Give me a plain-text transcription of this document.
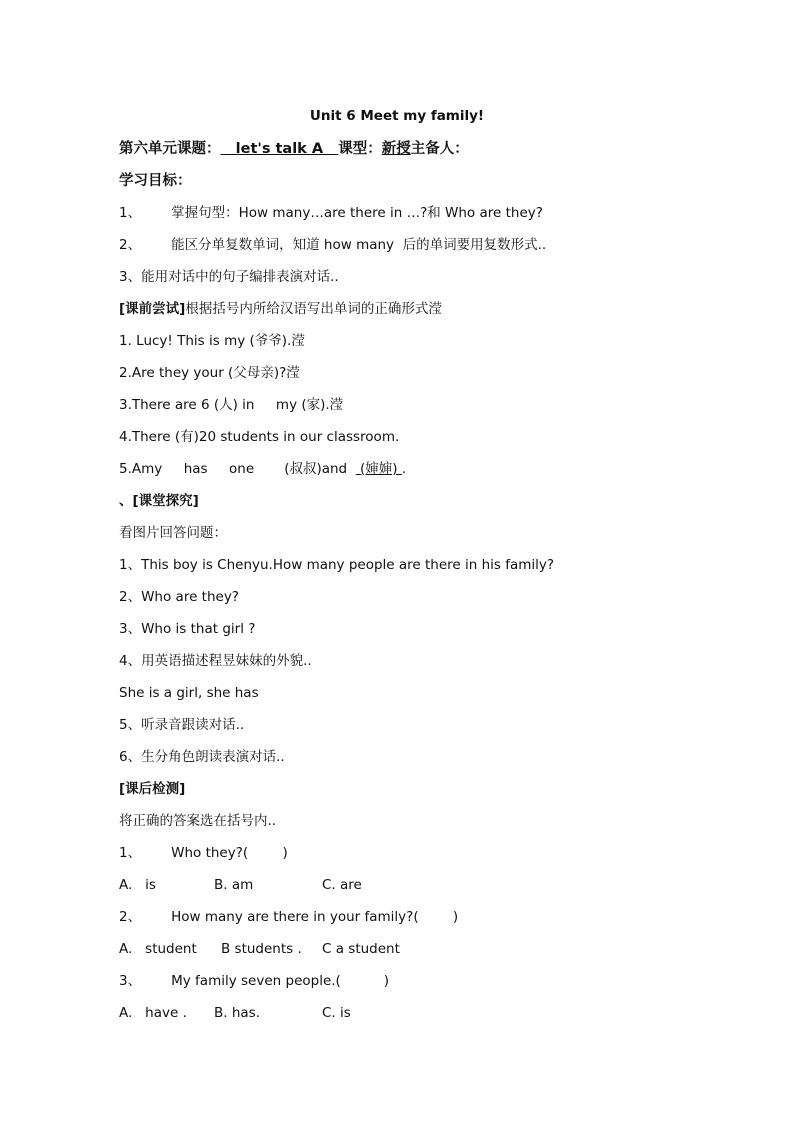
Unit 6 Meet my family!
第六单元课题：   let's talk A   课型：新授主备人：
学习目标：
1、       掌握句型：How many…are there in …?和 Who are they?
2、       能区分单复数单词，知道 how many  后的单词要用复数形式..
3、能用对话中的句子编排表演对话..
[课前尝试]根据括号内所给汉语写出单词的正确形式滢
1. Lucy! This is my (爷爷).滢
2.Are they your (父母亲)?滢
3.There are 6 (人) in     my (家).滢
4.There (有)20 students in our classroom.
5.Amy     has     one       (叔叔)and   (婶婶) .
、[课堂探究]
看图片回答问题：
1、This boy is Chenyu.How many people are there in his family?
2、Who are they?
3、Who is that girl ?
4、用英语描述程昱妹妹的外貌..
She is a girl, she has
5、听录音跟读对话..
6、生分角色朗读表演对话..
[课后检测]
将正确的答案选在括号内..
1、       Who they?(        )
A.   is	B. am	C. are
2、       How many are there in your family?(        )
A.   student B students . C a student
3、       My family seven people.(          )
A.   have . B. has.	C. is
